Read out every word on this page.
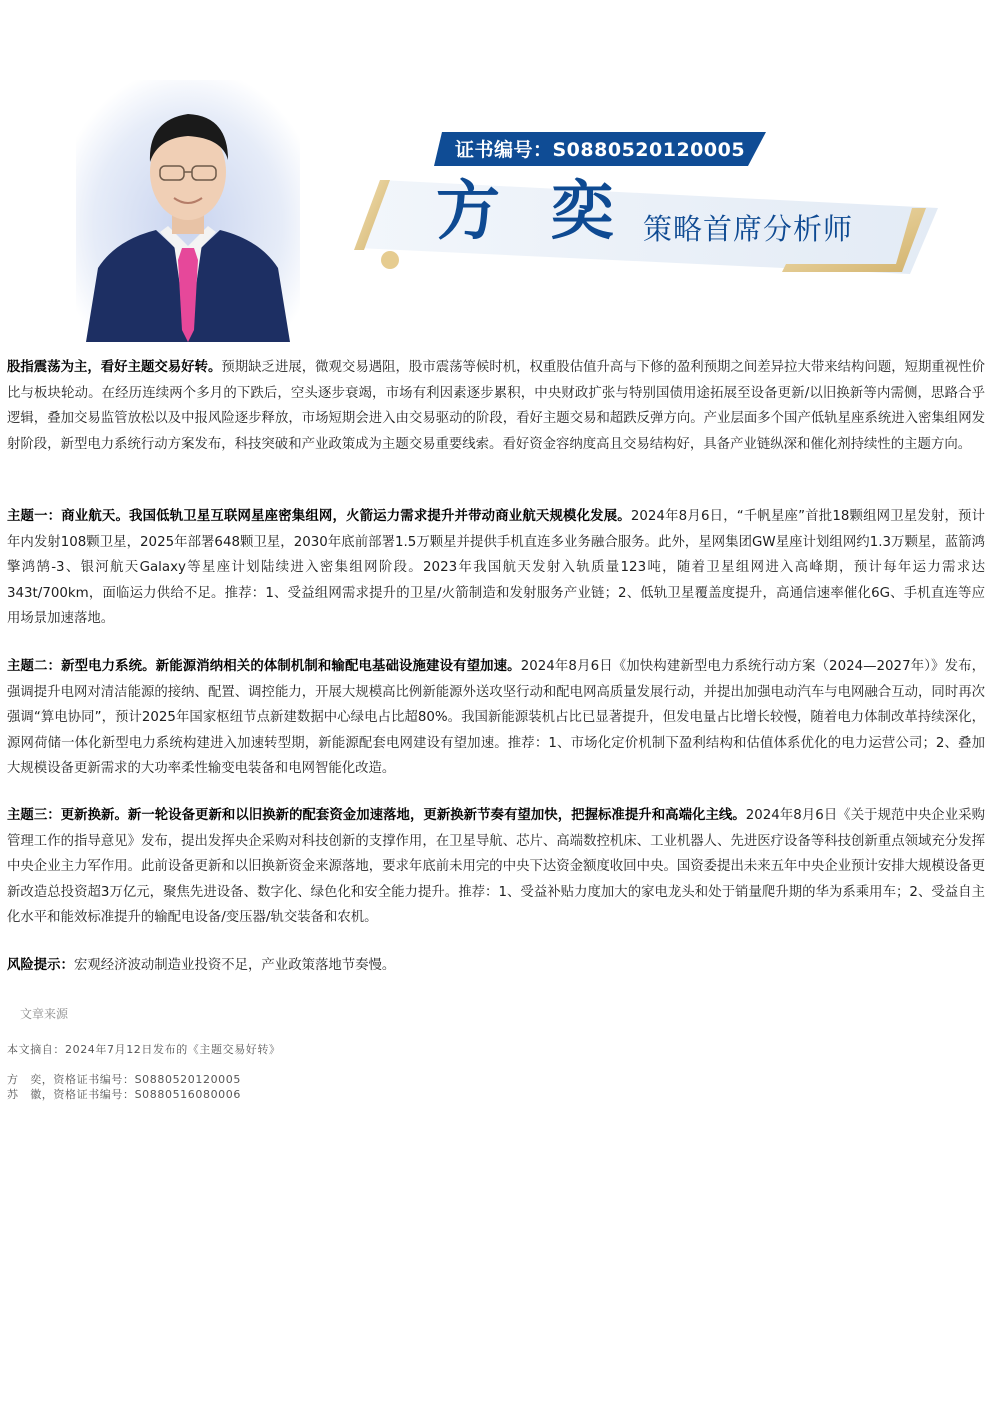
证书编号：S0880520120005
方 奕 策略首席分析师

股指震荡为主，看好主题交易好转。预期缺乏进展，微观交易遇阻，股市震荡等候时机，权重股估值升高与下修的盈利预期之间差异拉大带来结构问题，短期重视性价比与板块轮动。在经历连续两个多月的下跌后，空头逐步衰竭，市场有利因素逐步累积，中央财政扩张与特别国债用途拓展至设备更新/以旧换新等内需侧，思路合乎逻辑，叠加交易监管放松以及中报风险逐步释放，市场短期会进入由交易驱动的阶段，看好主题交易和超跌反弹方向。产业层面多个国产低轨星座系统进入密集组网发射阶段，新型电力系统行动方案发布，科技突破和产业政策成为主题交易重要线索。看好资金容纳度高且交易结构好，具备产业链纵深和催化剂持续性的主题方向。

主题一：商业航天。我国低轨卫星互联网星座密集组网，火箭运力需求提升并带动商业航天规模化发展。2024年8月6日，“千帆星座”首批18颗组网卫星发射，预计年内发射108颗卫星，2025年部署648颗卫星，2030年底前部署1.5万颗星并提供手机直连多业务融合服务。此外，星网集团GW星座计划组网约1.3万颗星，蓝箭鸿擎鸿鹄-3、银河航天Galaxy等星座计划陆续进入密集组网阶段。2023年我国航天发射入轨质量123吨，随着卫星组网进入高峰期，预计每年运力需求达343t/700km，面临运力供给不足。推荐：1、受益组网需求提升的卫星/火箭制造和发射服务产业链；2、低轨卫星覆盖度提升，高通信速率催化6G、手机直连等应用场景加速落地。

主题二：新型电力系统。新能源消纳相关的体制机制和输配电基础设施建设有望加速。2024年8月6日《加快构建新型电力系统行动方案（2024—2027年）》发布，强调提升电网对清洁能源的接纳、配置、调控能力，开展大规模高比例新能源外送攻坚行动和配电网高质量发展行动，并提出加强电动汽车与电网融合互动，同时再次强调“算电协同”，预计2025年国家枢纽节点新建数据中心绿电占比超80%。我国新能源装机占比已显著提升，但发电量占比增长较慢，随着电力体制改革持续深化，源网荷储一体化新型电力系统构建进入加速转型期，新能源配套电网建设有望加速。推荐：1、市场化定价机制下盈利结构和估值体系优化的电力运营公司；2、叠加大规模设备更新需求的大功率柔性输变电装备和电网智能化改造。

主题三：更新换新。新一轮设备更新和以旧换新的配套资金加速落地，更新换新节奏有望加快，把握标准提升和高端化主线。2024年8月6日《关于规范中央企业采购管理工作的指导意见》发布，提出发挥央企采购对科技创新的支撑作用，在卫星导航、芯片、高端数控机床、工业机器人、先进医疗设备等科技创新重点领域充分发挥中央企业主力军作用。此前设备更新和以旧换新资金来源落地，要求年底前未用完的中央下达资金额度收回中央。国资委提出未来五年中央企业预计安排大规模设备更新改造总投资超3万亿元，聚焦先进设备、数字化、绿色化和安全能力提升。推荐：1、受益补贴力度加大的家电龙头和处于销量爬升期的华为系乘用车；2、受益自主化水平和能效标准提升的输配电设备/变压器/轨交装备和农机。

风险提示：宏观经济波动制造业投资不足，产业政策落地节奏慢。

文章来源
本文摘自：2024年7月12日发布的《主题交易好转》
方　奕，资格证书编号：S0880520120005
苏　徽，资格证书编号：S0880516080006
